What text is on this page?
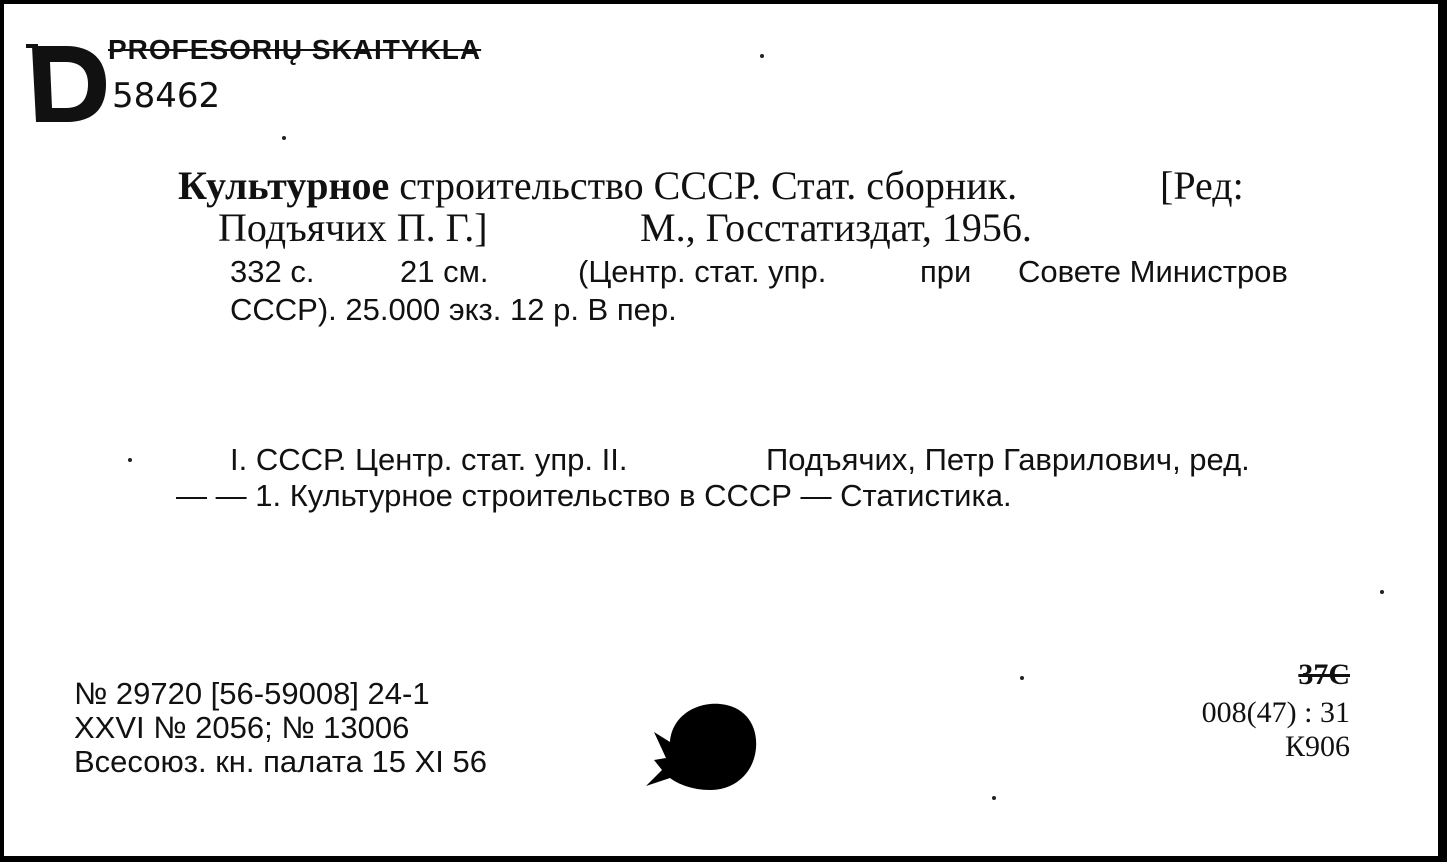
PROFESORIŲ SKAITYKLA
58462
Культурное строительство СССР. Стат. сборник.	[Ред:
Подъячих П. Г.]	М., Госстатиздат, 1956.
332 с.	21 см.	(Центр. стат. упр.	при Совете Министров
СССР). 25.000 экз. 12 р. В пер.
I. СССР. Центр. стат. упр. II.	Подъячих, Петр Гаврилович, ред.
— — 1. Культурное строительство в СССР — Статистика.
№ 29720 [56-59008] 24-1
XXVI № 2056; № 13006
Всесоюз. кн. палата 15 XI 56
37С
008(47) : 31
К906
